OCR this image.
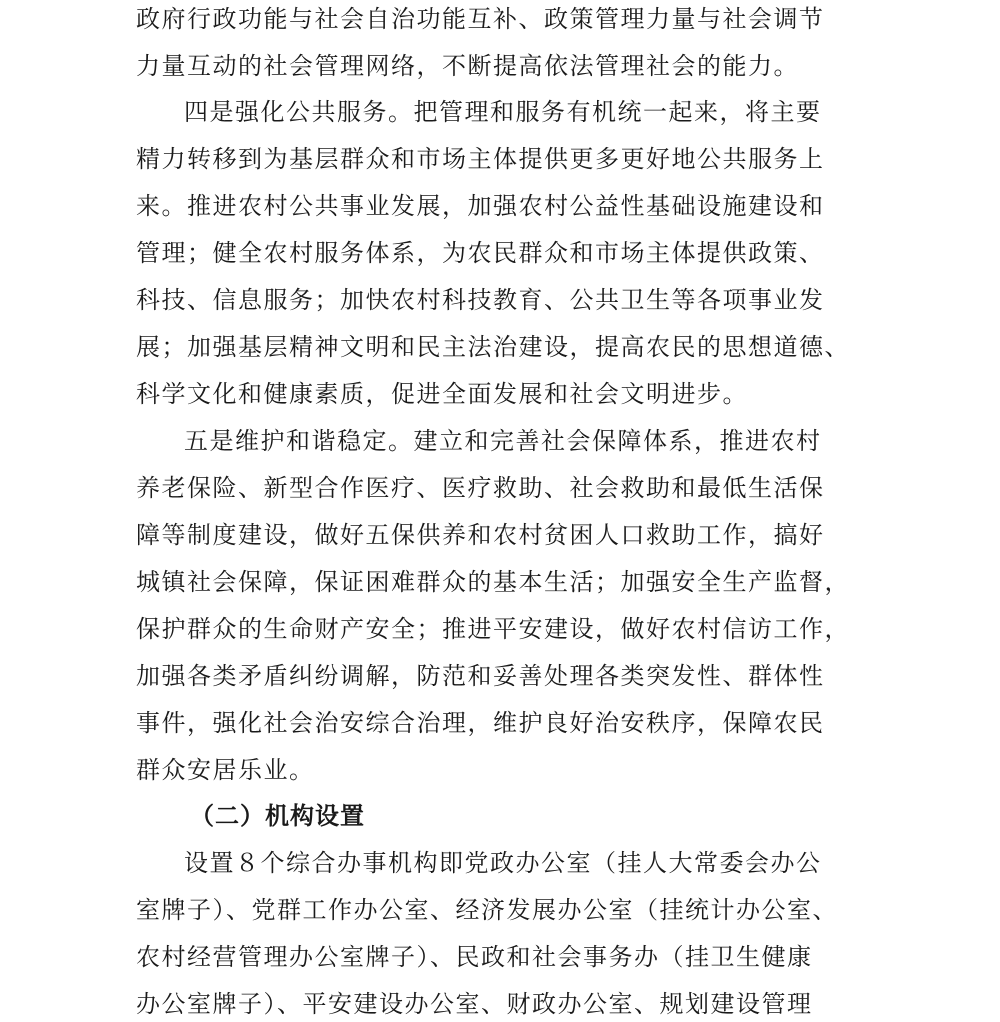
政府行政功能与社会自治功能互补、政策管理力量与社会调节

力量互动的社会管理网络，不断提高依法管理社会的能力。

四是强化公共服务。把管理和服务有机统一起来，将主要

精力转移到为基层群众和市场主体提供更多更好地公共服务上

来。推进农村公共事业发展，加强农村公益性基础设施建设和

管理；健全农村服务体系，为农民群众和市场主体提供政策、

科技、信息服务；加快农村科技教育、公共卫生等各项事业发

展；加强基层精神文明和民主法治建设，提高农民的思想道德、

科学文化和健康素质，促进全面发展和社会文明进步。

五是维护和谐稳定。建立和完善社会保障体系，推进农村

养老保险、新型合作医疗、医疗救助、社会救助和最低生活保

障等制度建设，做好五保供养和农村贫困人口救助工作，搞好

城镇社会保障，保证困难群众的基本生活；加强安全生产监督，

保护群众的生命财产安全；推进平安建设，做好农村信访工作，

加强各类矛盾纠纷调解，防范和妥善处理各类突发性、群体性

事件，强化社会治安综合治理，维护良好治安秩序，保障农民

群众安居乐业。

（二）机构设置

设置８个综合办事机构即党政办公室（挂人大常委会办公

室牌子）、党群工作办公室、经济发展办公室（挂统计办公室、

农村经营管理办公室牌子）、民政和社会事务办（挂卫生健康

办公室牌子）、平安建设办公室、财政办公室、规划建设管理
